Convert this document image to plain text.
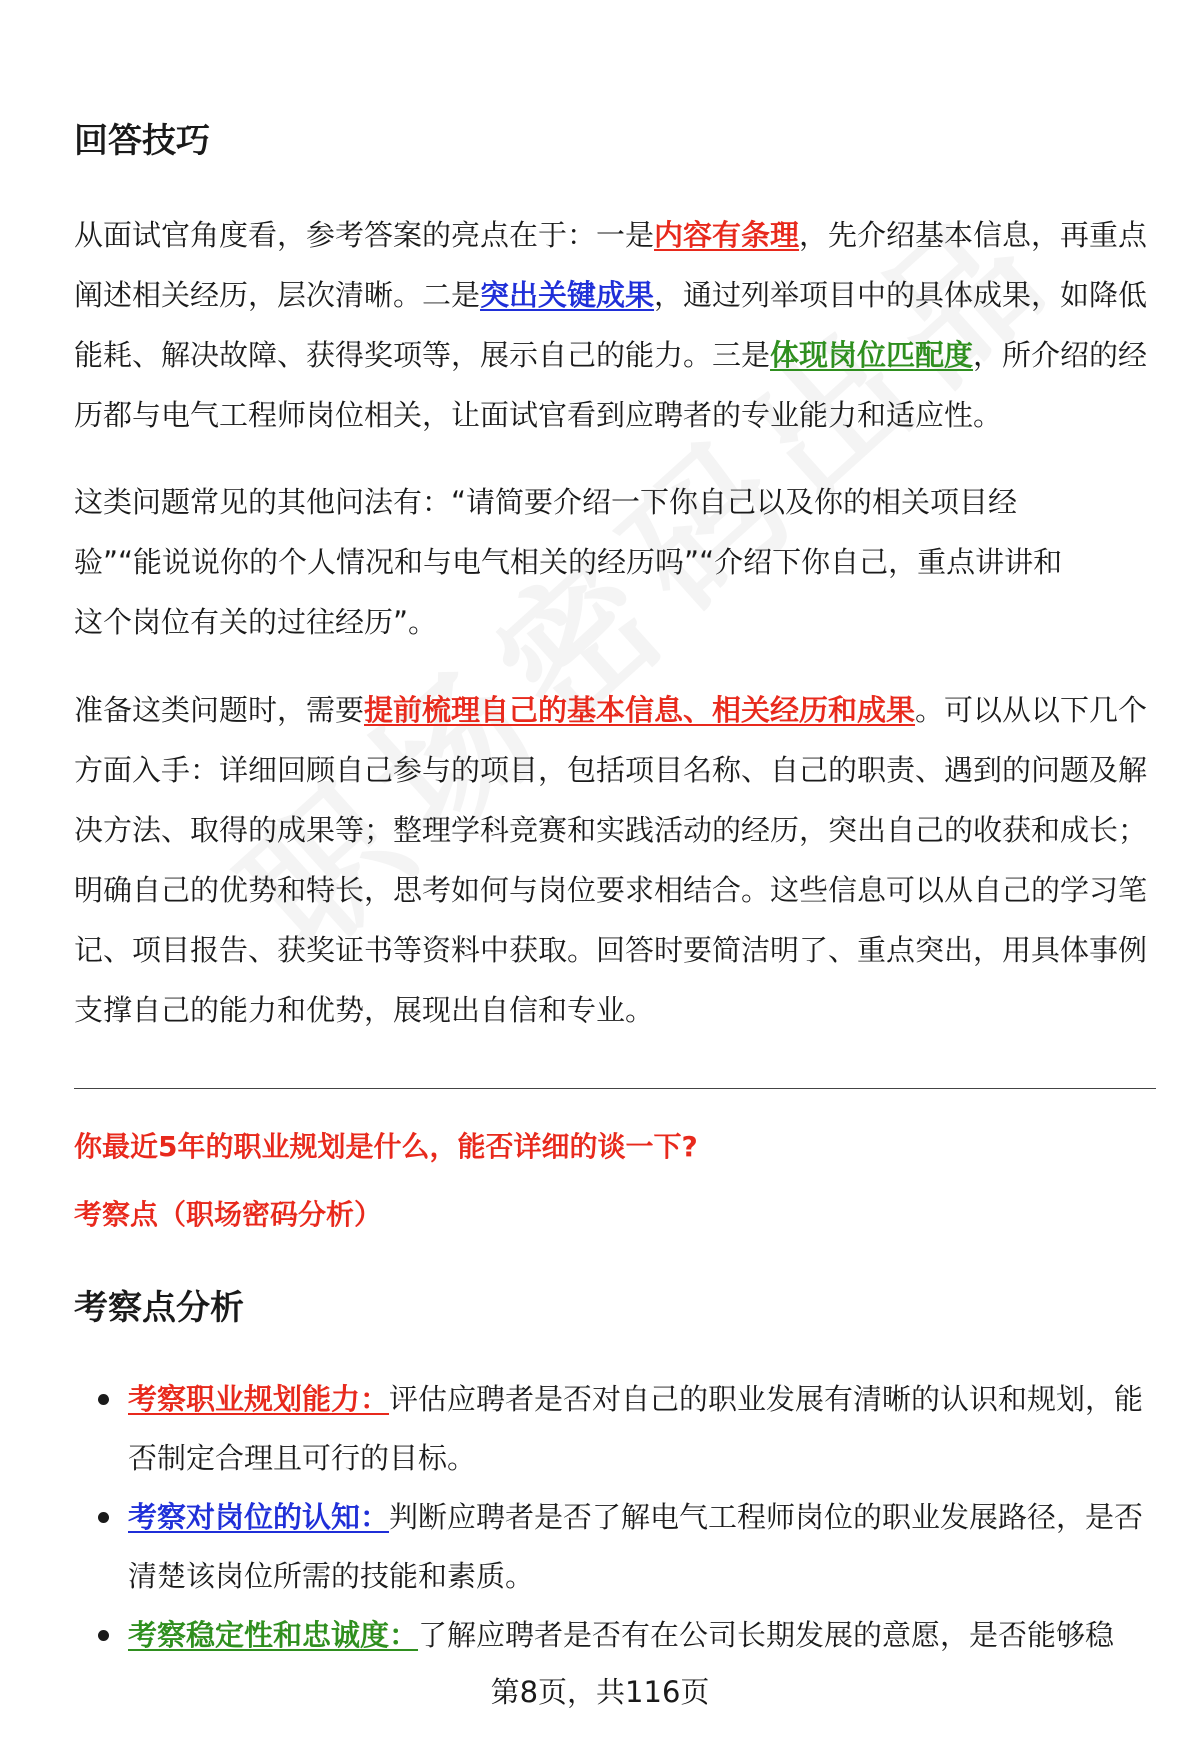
回答技巧

从面试官角度看，参考答案的亮点在于：一是内容有条理，先介绍基本信息，再重点阐述相关经历，层次清晰。二是突出关键成果，通过列举项目中的具体成果，如降低能耗、解决故障、获得奖项等，展示自己的能力。三是体现岗位匹配度，所介绍的经历都与电气工程师岗位相关，让面试官看到应聘者的专业能力和适应性。

这类问题常见的其他问法有：“请简要介绍一下你自己以及你的相关项目经验”“能说说你的个人情况和与电气相关的经历吗”“介绍下你自己，重点讲讲和这个岗位有关的过往经历”。

准备这类问题时，需要提前梳理自己的基本信息、相关经历和成果。可以从以下几个方面入手：详细回顾自己参与的项目，包括项目名称、自己的职责、遇到的问题及解决方法、取得的成果等；整理学科竞赛和实践活动的经历，突出自己的收获和成长；明确自己的优势和特长，思考如何与岗位要求相结合。这些信息可以从自己的学习笔记、项目报告、获奖证书等资料中获取。回答时要简洁明了、重点突出，用具体事例支撑自己的能力和优势，展现出自信和专业。

你最近5年的职业规划是什么，能否详细的谈一下?

考察点（职场密码分析）

考察点分析
考察职业规划能力：评估应聘者是否对自己的职业发展有清晰的认识和规划，能否制定合理且可行的目标。
考察对岗位的认知：判断应聘者是否了解电气工程师岗位的职业发展路径，是否清楚该岗位所需的技能和素质。
考察稳定性和忠诚度：了解应聘者是否有在公司长期发展的意愿，是否能够稳
第8页，共116页
